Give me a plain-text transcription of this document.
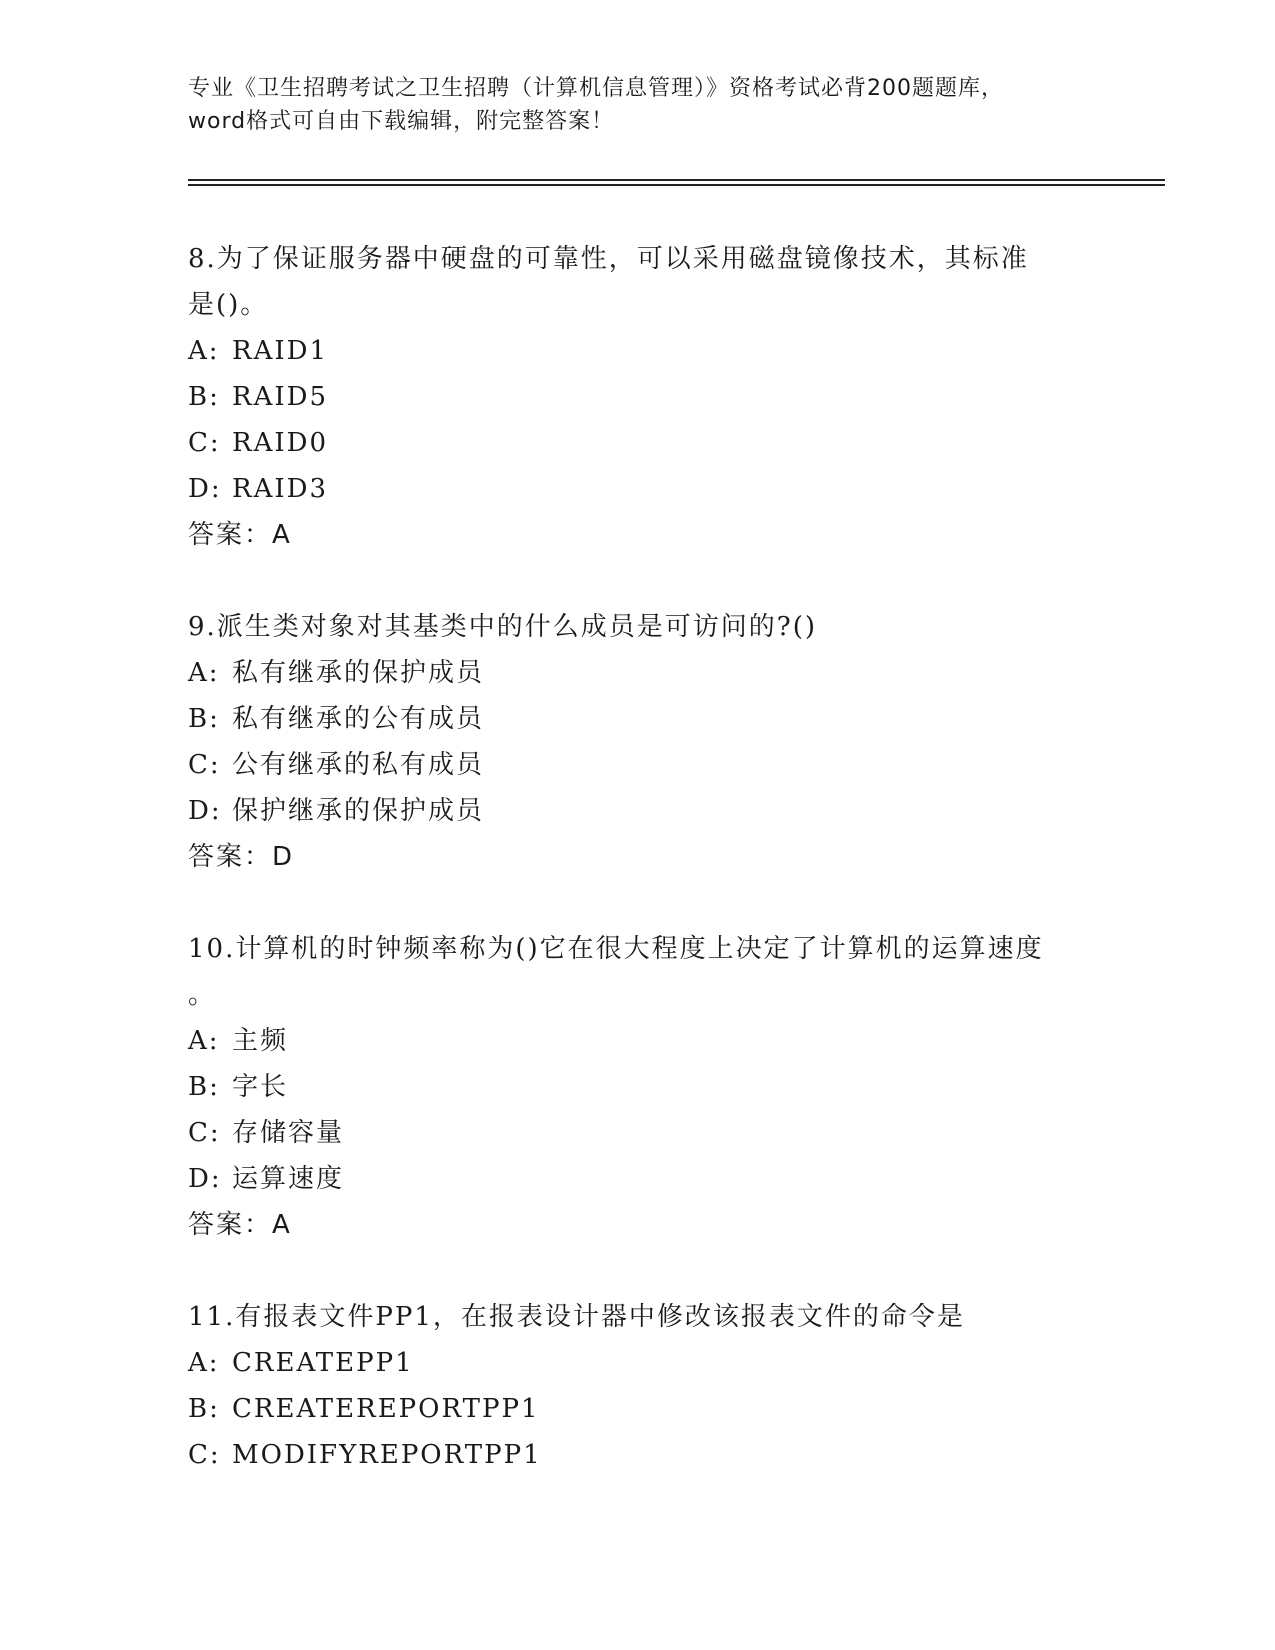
专业《卫生招聘考试之卫生招聘（计算机信息管理）》资格考试必背200题题库，
word格式可自由下载编辑，附完整答案！
8.为了保证服务器中硬盘的可靠性，可以采用磁盘镜像技术，其标准
是()。
A: RAID1
B: RAID5
C: RAID0
D: RAID3
答案：A
9.派生类对象对其基类中的什么成员是可访问的?()
A: 私有继承的保护成员
B: 私有继承的公有成员
C: 公有继承的私有成员
D: 保护继承的保护成员
答案：D
10.计算机的时钟频率称为()它在很大程度上决定了计算机的运算速度
。
A: 主频
B: 字长
C: 存储容量
D: 运算速度
答案：A
11.有报表文件PP1，在报表设计器中修改该报表文件的命令是
A: CREATEPP1
B: CREATEREPORTPP1
C: MODIFYREPORTPP1
